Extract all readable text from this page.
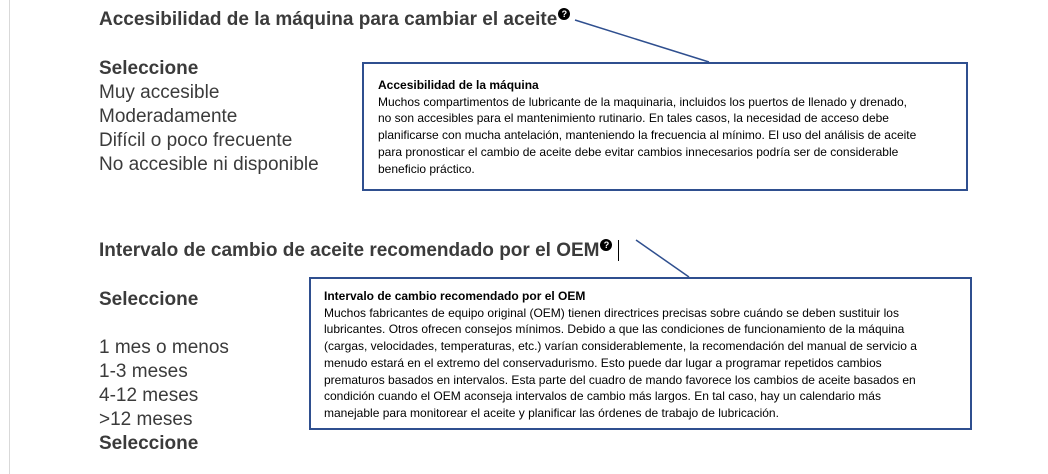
Accesibilidad de la máquina para cambiar el aceite ?
Seleccione
Muy accesible
Moderadamente
Difícil o poco frecuente
No accesible ni disponible
Accesibilidad de la máquina
Muchos compartimentos de lubricante de la maquinaria, incluidos los puertos de llenado y drenado,
no son accesibles para el mantenimiento rutinario. En tales casos, la necesidad de acceso debe
planificarse con mucha antelación, manteniendo la frecuencia al mínimo. El uso del análisis de aceite
para pronosticar el cambio de aceite debe evitar cambios innecesarios podría ser de considerable
beneficio práctico.
Intervalo de cambio de aceite recomendado por el OEM ?
Seleccione
1 mes o menos
1-3 meses
4-12 meses
>12 meses
Seleccione
Intervalo de cambio recomendado por el OEM
Muchos fabricantes de equipo original (OEM) tienen directrices precisas sobre cuándo se deben sustituir los
lubricantes. Otros ofrecen consejos mínimos. Debido a que las condiciones de funcionamiento de la máquina
(cargas, velocidades, temperaturas, etc.) varían considerablemente, la recomendación del manual de servicio a
menudo estará en el extremo del conservadurismo. Esto puede dar lugar a programar repetidos cambios
prematuros basados en intervalos. Esta parte del cuadro de mando favorece los cambios de aceite basados en
condición cuando el OEM aconseja intervalos de cambio más largos. En tal caso, hay un calendario más
manejable para monitorear el aceite y planificar las órdenes de trabajo de lubricación.
